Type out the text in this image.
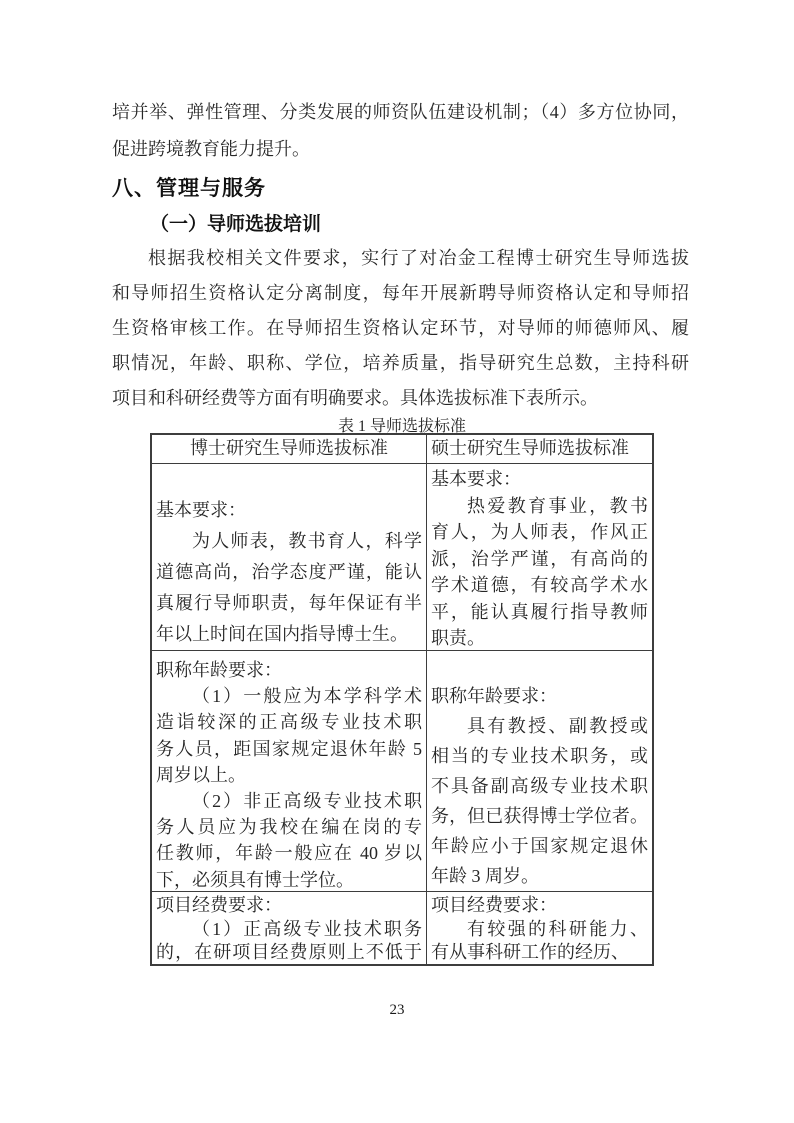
培并举、弹性管理、分类发展的师资队伍建设机制；（4）多方位协同，
促进跨境教育能力提升。
八、管理与服务
（一）导师选拔培训
根据我校相关文件要求，实行了对冶金工程博士研究生导师选拔
和导师招生资格认定分离制度，每年开展新聘导师资格认定和导师招
生资格审核工作。在导师招生资格认定环节，对导师的师德师风、履
职情况，年龄、职称、学位，培养质量，指导研究生总数，主持科研
项目和科研经费等方面有明确要求。具体选拔标准下表所示。
表 1 导师选拔标准
博士研究生导师选拔标准	硕士研究生导师选拔标准
基本要求：
为人师表，教书育人，科学
道德高尚，治学态度严谨，能认
真履行导师职责，每年保证有半
年以上时间在国内指导博士生。
基本要求：
热爱教育事业，教书
育人，为人师表，作风正
派，治学严谨，有高尚的
学术道德，有较高学术水
平，能认真履行指导教师
职责。
职称年龄要求：
（1）一般应为本学科学术
造诣较深的正高级专业技术职
务人员，距国家规定退休年龄 5
周岁以上。
（2）非正高级专业技术职
务人员应为我校在编在岗的专
任教师，年龄一般应在 40 岁以
下，必须具有博士学位。
职称年龄要求：
具有教授、副教授或
相当的专业技术职务，或
不具备副高级专业技术职
务，但已获得博士学位者。
年龄应小于国家规定退休
年龄 3 周岁。
项目经费要求：
（1）正高级专业技术职务
的，在研项目经费原则上不低于
项目经费要求：
有较强的科研能力、
有从事科研工作的经历、
23
